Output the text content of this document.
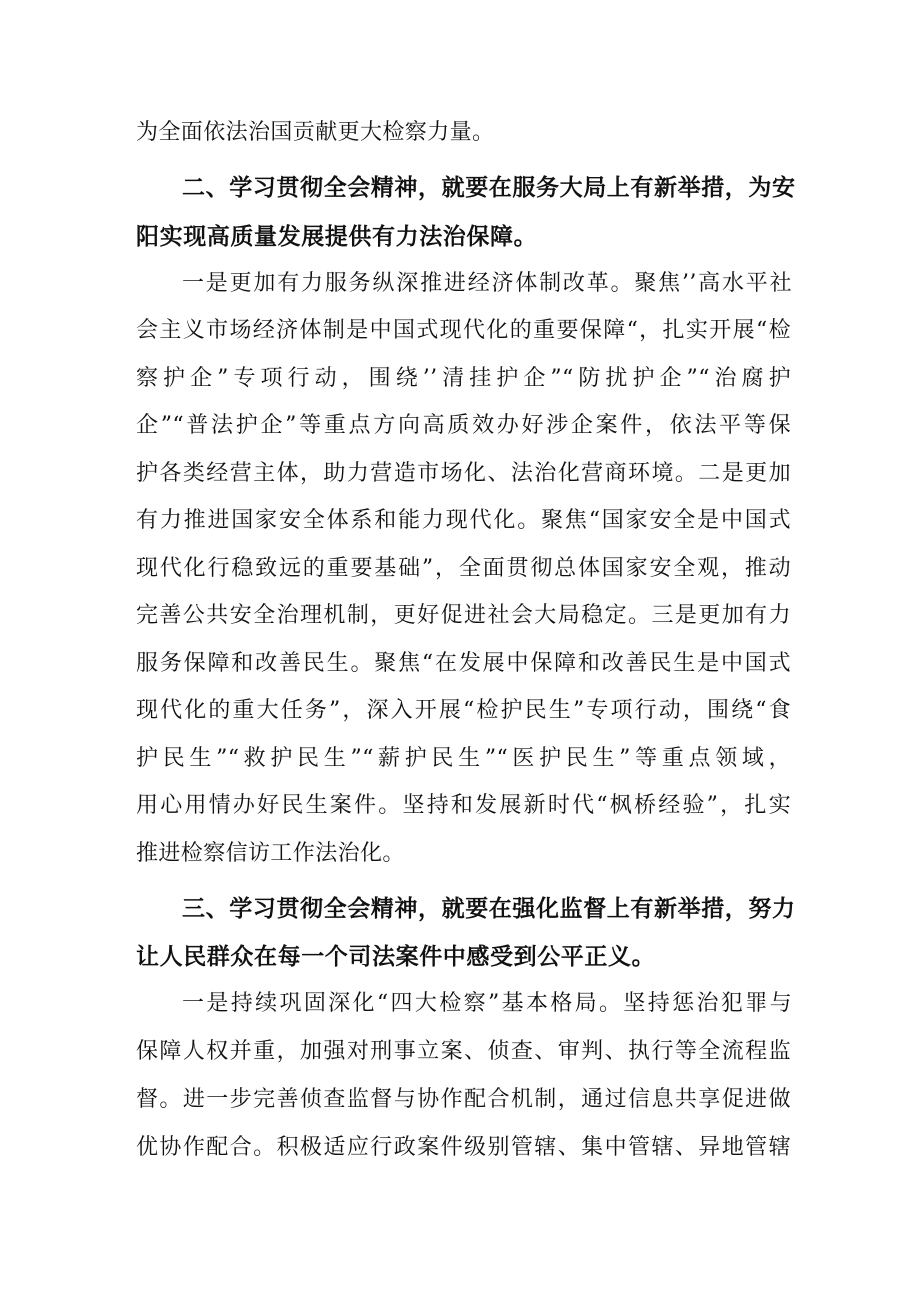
为全面依法治国贡献更大检察力量。
二、学习贯彻全会精神，就要在服务大局上有新举措，为安
阳实现高质量发展提供有力法治保障。
一是更加有力服务纵深推进经济体制改革。聚焦’’高水平社
会主义市场经济体制是中国式现代化的重要保障“，扎实开展“检
察护企”专项行动，围绕’’清挂护企”“防扰护企”“治腐护
企”“普法护企”等重点方向高质效办好涉企案件，依法平等保
护各类经营主体，助力营造市场化、法治化营商环境。二是更加
有力推进国家安全体系和能力现代化。聚焦“国家安全是中国式
现代化行稳致远的重要基础”，全面贯彻总体国家安全观，推动
完善公共安全治理机制，更好促进社会大局稳定。三是更加有力
服务保障和改善民生。聚焦“在发展中保障和改善民生是中国式
现代化的重大任务”，深入开展“检护民生”专项行动，围绕“食
护民生”“救护民生”“薪护民生”“医护民生”等重点领域，
用心用情办好民生案件。坚持和发展新时代“枫桥经验”，扎实
推进检察信访工作法治化。
三、学习贯彻全会精神，就要在强化监督上有新举措，努力
让人民群众在每一个司法案件中感受到公平正义。
一是持续巩固深化“四大检察”基本格局。坚持惩治犯罪与
保障人权并重，加强对刑事立案、侦查、审判、执行等全流程监
督。进一步完善侦查监督与协作配合机制，通过信息共享促进做
优协作配合。积极适应行政案件级别管辖、集中管辖、异地管辖
